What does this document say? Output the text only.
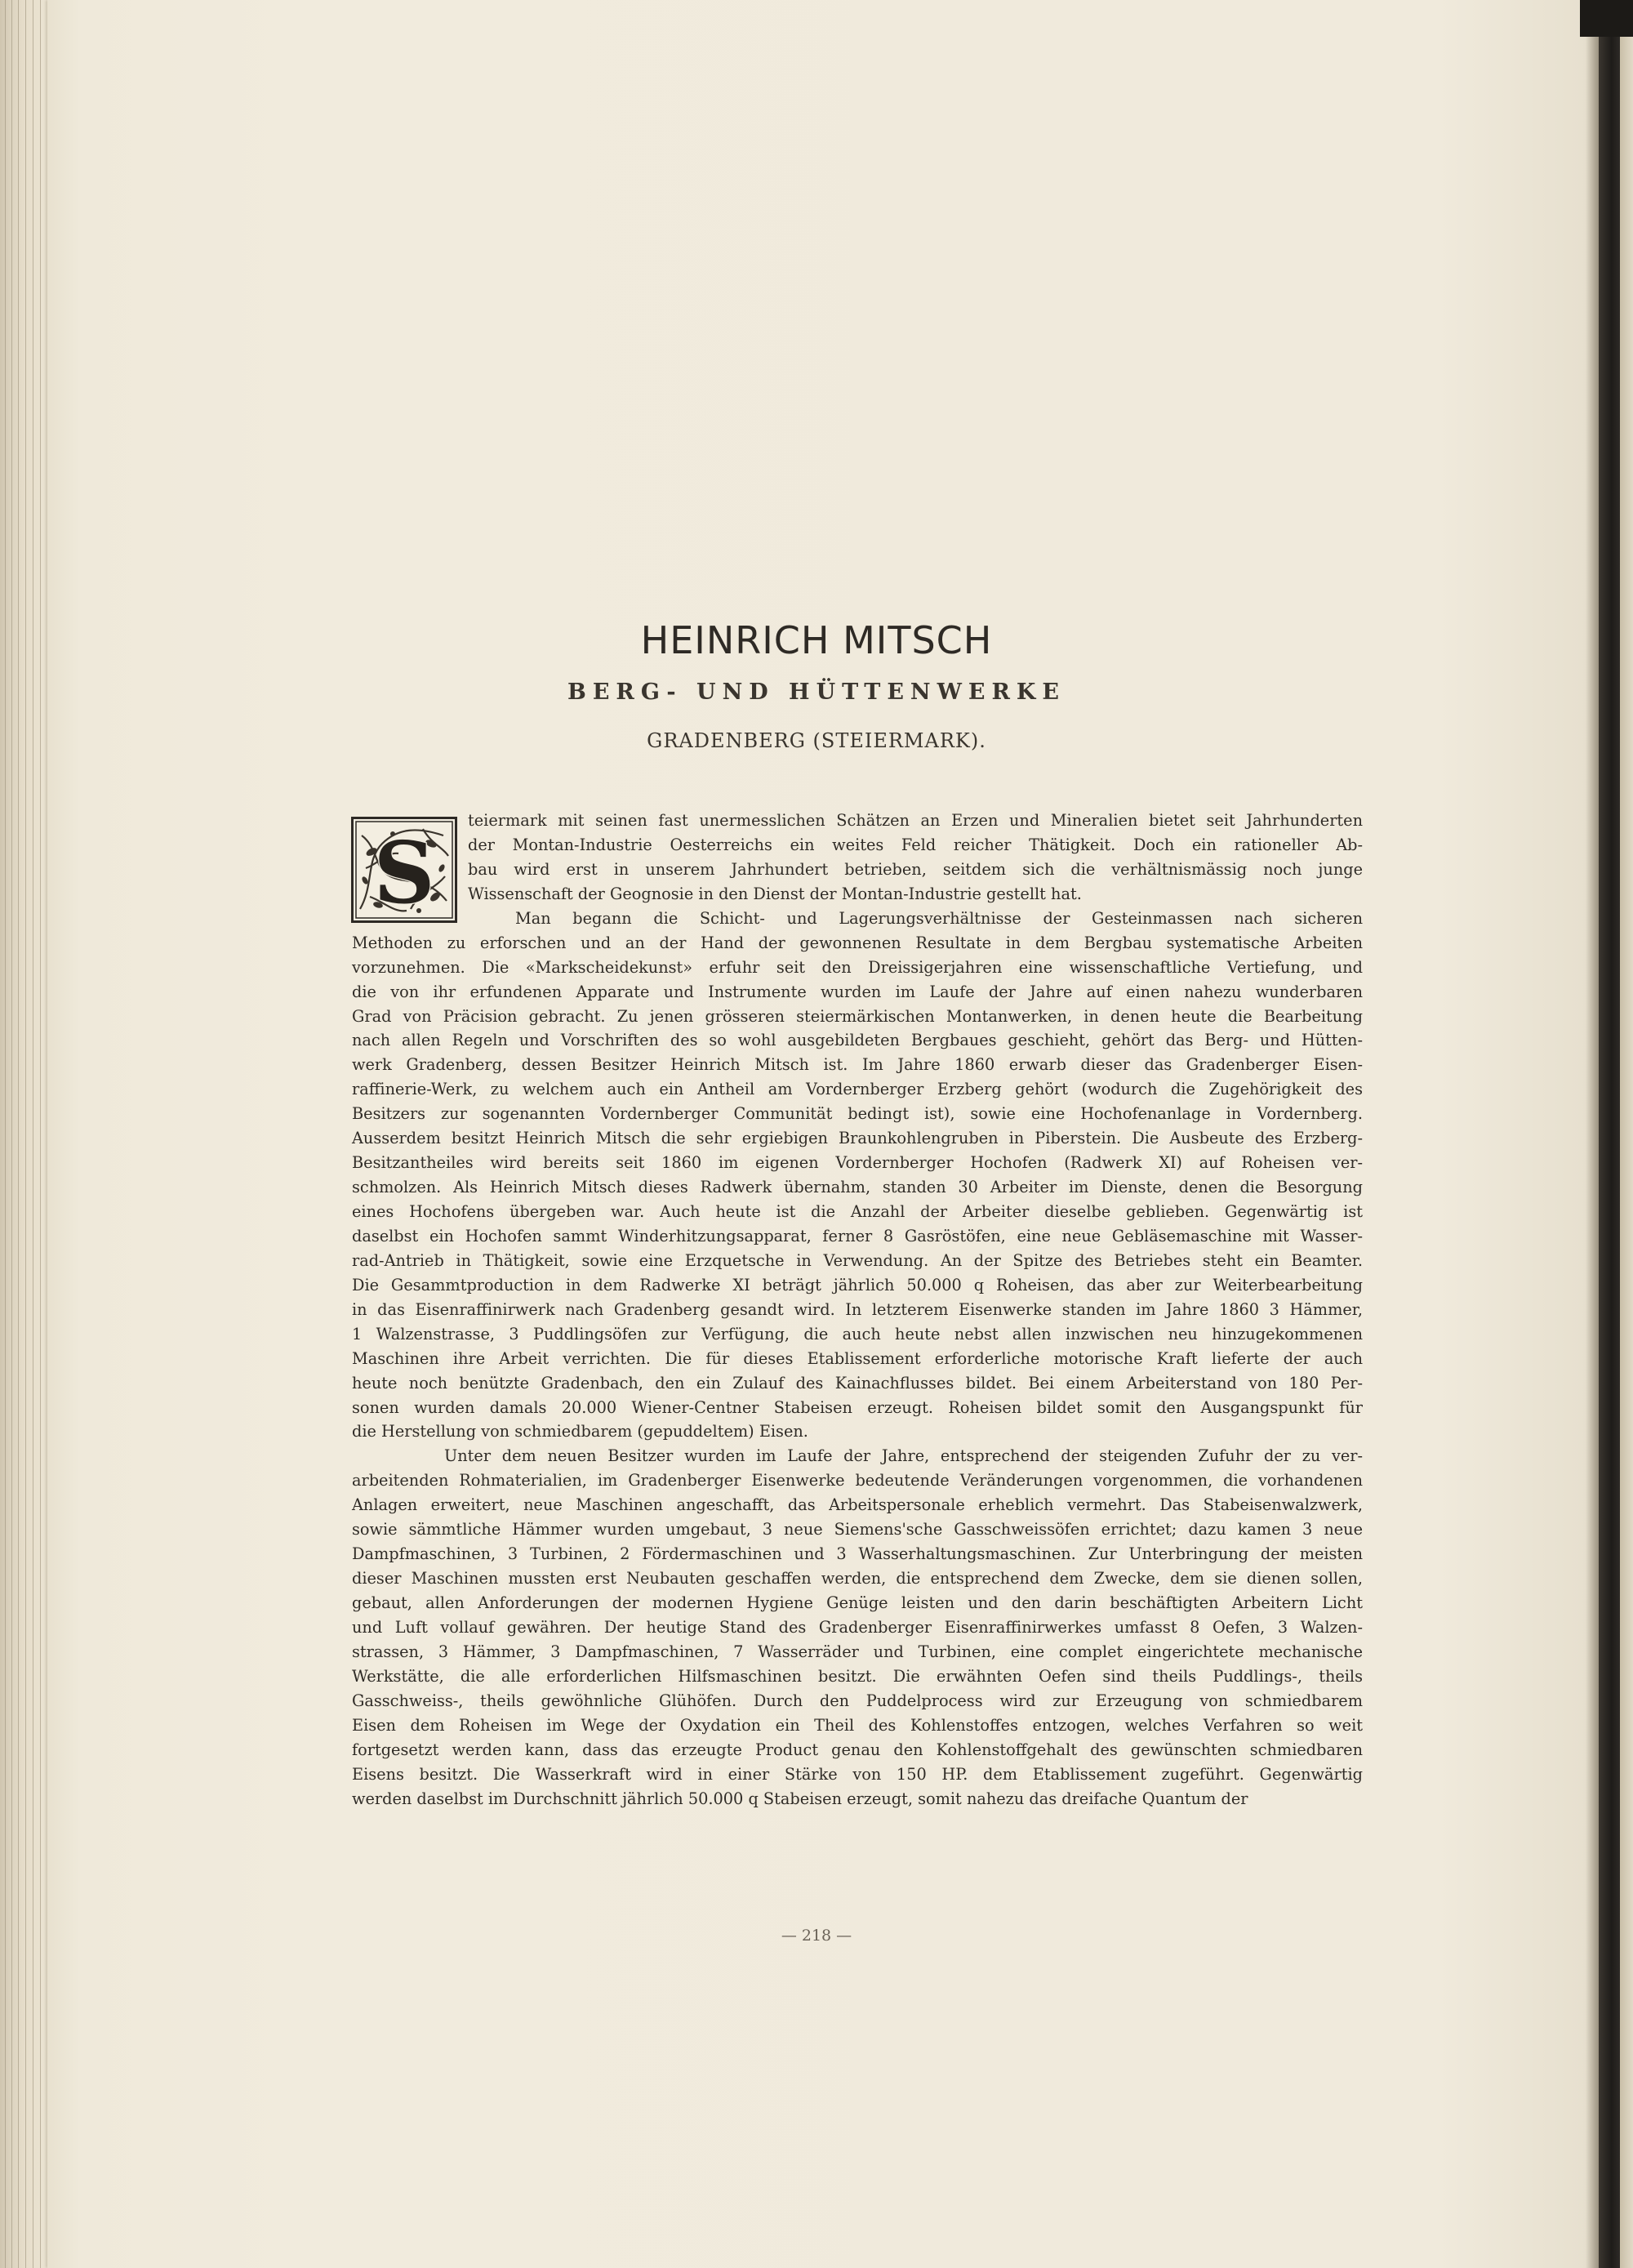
HEINRICH MITSCH
BERG- UND HÜTTENWERKE

GRADENBERG (STEIERMARK).

S
teiermark mit seinen fast unermesslichen Schätzen an Erzen und Mineralien bietet seit Jahrhunderten
der Montan-Industrie Oesterreichs ein weites Feld reicher Thätigkeit. Doch ein rationeller Ab-
bau wird erst in unserem Jahrhundert betrieben, seitdem sich die verhältnismässig noch junge
Wissenschaft der Geognosie in den Dienst der Montan-Industrie gestellt hat.
Man begann die Schicht- und Lagerungsverhältnisse der Gesteinmassen nach sicheren
Methoden zu erforschen und an der Hand der gewonnenen Resultate in dem Bergbau systematische Arbeiten
vorzunehmen. Die «Markscheidekunst» erfuhr seit den Dreissigerjahren eine wissenschaftliche Vertiefung, und
die von ihr erfundenen Apparate und Instrumente wurden im Laufe der Jahre auf einen nahezu wunderbaren
Grad von Präcision gebracht. Zu jenen grösseren steiermärkischen Montanwerken, in denen heute die Bearbeitung
nach allen Regeln und Vorschriften des so wohl ausgebildeten Bergbaues geschieht, gehört das Berg- und Hütten-
werk Gradenberg, dessen Besitzer Heinrich Mitsch ist. Im Jahre 1860 erwarb dieser das Gradenberger Eisen-
raffinerie-Werk, zu welchem auch ein Antheil am Vordernberger Erzberg gehört (wodurch die Zugehörigkeit des
Besitzers zur sogenannten Vordernberger Communität bedingt ist), sowie eine Hochofenanlage in Vordernberg.
Ausserdem besitzt Heinrich Mitsch die sehr ergiebigen Braunkohlengruben in Piberstein. Die Ausbeute des Erzberg-
Besitzantheiles wird bereits seit 1860 im eigenen Vordernberger Hochofen (Radwerk XI) auf Roheisen ver-
schmolzen. Als Heinrich Mitsch dieses Radwerk übernahm, standen 30 Arbeiter im Dienste, denen die Besorgung
eines Hochofens übergeben war. Auch heute ist die Anzahl der Arbeiter dieselbe geblieben. Gegenwärtig ist
daselbst ein Hochofen sammt Winderhitzungsapparat, ferner 8 Gasröstöfen, eine neue Gebläsemaschine mit Wasser-
rad-Antrieb in Thätigkeit, sowie eine Erzquetsche in Verwendung. An der Spitze des Betriebes steht ein Beamter.
Die Gesammtproduction in dem Radwerke XI beträgt jährlich 50.000 q Roheisen, das aber zur Weiterbearbeitung
in das Eisenraffinirwerk nach Gradenberg gesandt wird. In letzterem Eisenwerke standen im Jahre 1860 3 Hämmer,
1 Walzenstrasse, 3 Puddlingsöfen zur Verfügung, die auch heute nebst allen inzwischen neu hinzugekommenen
Maschinen ihre Arbeit verrichten. Die für dieses Etablissement erforderliche motorische Kraft lieferte der auch
heute noch benützte Gradenbach, den ein Zulauf des Kainachflusses bildet. Bei einem Arbeiterstand von 180 Per-
sonen wurden damals 20.000 Wiener-Centner Stabeisen erzeugt. Roheisen bildet somit den Ausgangspunkt für
die Herstellung von schmiedbarem (gepuddeltem) Eisen.
Unter dem neuen Besitzer wurden im Laufe der Jahre, entsprechend der steigenden Zufuhr der zu ver-
arbeitenden Rohmaterialien, im Gradenberger Eisenwerke bedeutende Veränderungen vorgenommen, die vorhandenen
Anlagen erweitert, neue Maschinen angeschafft, das Arbeitspersonale erheblich vermehrt. Das Stabeisenwalzwerk,
sowie sämmtliche Hämmer wurden umgebaut, 3 neue Siemens'sche Gasschweissöfen errichtet; dazu kamen 3 neue
Dampfmaschinen, 3 Turbinen, 2 Fördermaschinen und 3 Wasserhaltungsmaschinen. Zur Unterbringung der meisten
dieser Maschinen mussten erst Neubauten geschaffen werden, die entsprechend dem Zwecke, dem sie dienen sollen,
gebaut, allen Anforderungen der modernen Hygiene Genüge leisten und den darin beschäftigten Arbeitern Licht
und Luft vollauf gewähren. Der heutige Stand des Gradenberger Eisenraffinirwerkes umfasst 8 Oefen, 3 Walzen-
strassen, 3 Hämmer, 3 Dampfmaschinen, 7 Wasserräder und Turbinen, eine complet eingerichtete mechanische
Werkstätte, die alle erforderlichen Hilfsmaschinen besitzt. Die erwähnten Oefen sind theils Puddlings-, theils
Gasschweiss-, theils gewöhnliche Glühöfen. Durch den Puddelprocess wird zur Erzeugung von schmiedbarem
Eisen dem Roheisen im Wege der Oxydation ein Theil des Kohlenstoffes entzogen, welches Verfahren so weit
fortgesetzt werden kann, dass das erzeugte Product genau den Kohlenstoffgehalt des gewünschten schmiedbaren
Eisens besitzt. Die Wasserkraft wird in einer Stärke von 150 HP. dem Etablissement zugeführt. Gegenwärtig
werden daselbst im Durchschnitt jährlich 50.000 q Stabeisen erzeugt, somit nahezu das dreifache Quantum der

— 218 —
